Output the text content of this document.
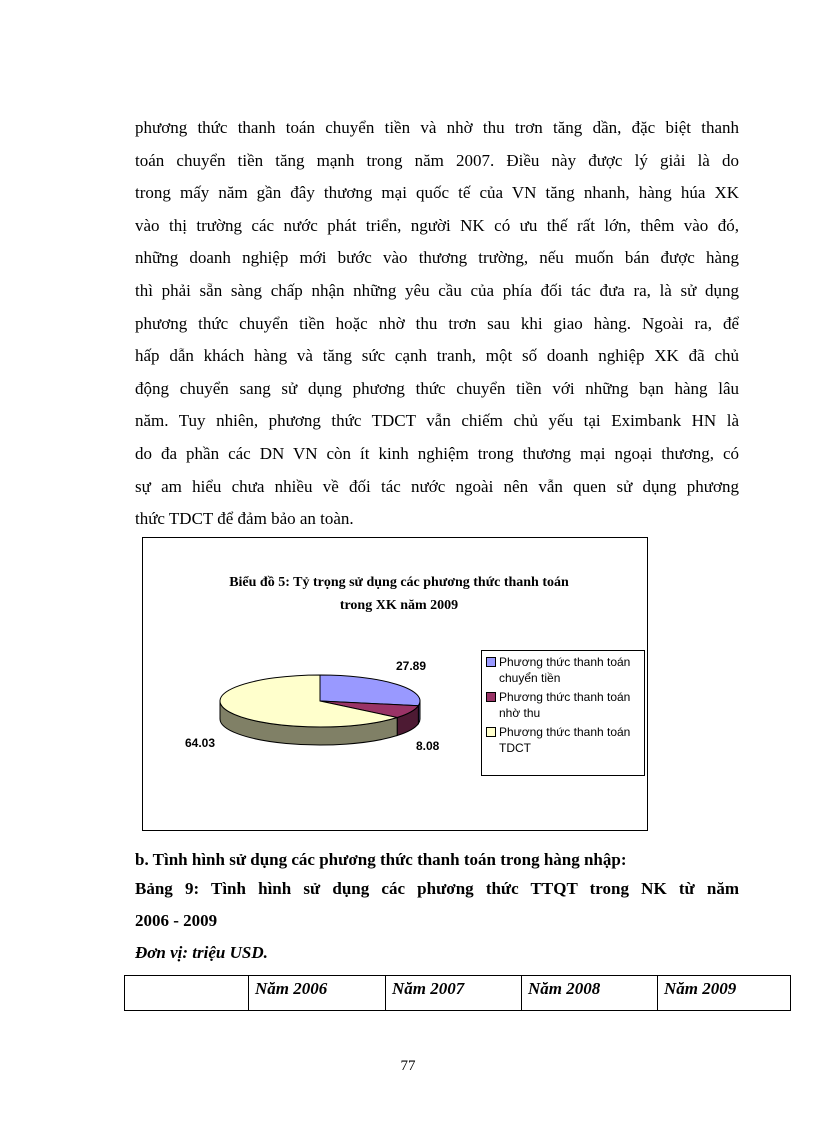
phương thức thanh toán chuyển tiền và nhờ thu trơn tăng dần, đặc biệt thanh
toán chuyển tiền tăng mạnh trong năm 2007. Điều này được lý giải là do
trong mấy năm gần đây thương mại quốc tế của VN tăng nhanh, hàng húa XK
vào thị trường các nước phát triển, người NK có ưu thế rất lớn, thêm vào đó,
những doanh nghiệp mới bước vào thương trường, nếu muốn bán được hàng
thì phải sẵn sàng chấp nhận những yêu cầu của phía đối tác đưa ra, là sử dụng
phương thức chuyển tiền hoặc nhờ thu trơn sau khi giao hàng. Ngoài ra, để
hấp dẫn khách hàng và tăng sức cạnh tranh, một số doanh nghiệp XK đã chủ
động chuyển sang sử dụng phương thức chuyển tiền với những bạn hàng lâu
năm. Tuy nhiên, phương thức TDCT vẫn chiếm chủ yếu tại Eximbank HN là
do đa phần các DN VN còn ít kinh nghiệm trong thương mại ngoại thương, có
sự am hiểu chưa nhiều về đối tác nước ngoài nên vẫn quen sử dụng phương
thức TDCT để đảm bảo an toàn.
Biểu đồ 5: Tỷ trọng sử dụng các phương thức thanh toán
trong XK năm 2009
27.89
8.08
64.03
Phương thức thanh toán
chuyển tiền
Phương thức thanh toán
nhờ thu
Phương thức thanh toán
TDCT
b. Tình hình sử dụng các phương thức thanh toán trong hàng nhập:
Bảng 9: Tình hình sử dụng các phương thức TTQT trong NK từ năm
2006 - 2009
Đơn vị: triệu USD.
	Năm 2006	Năm 2007	Năm 2008	Năm 2009
77
